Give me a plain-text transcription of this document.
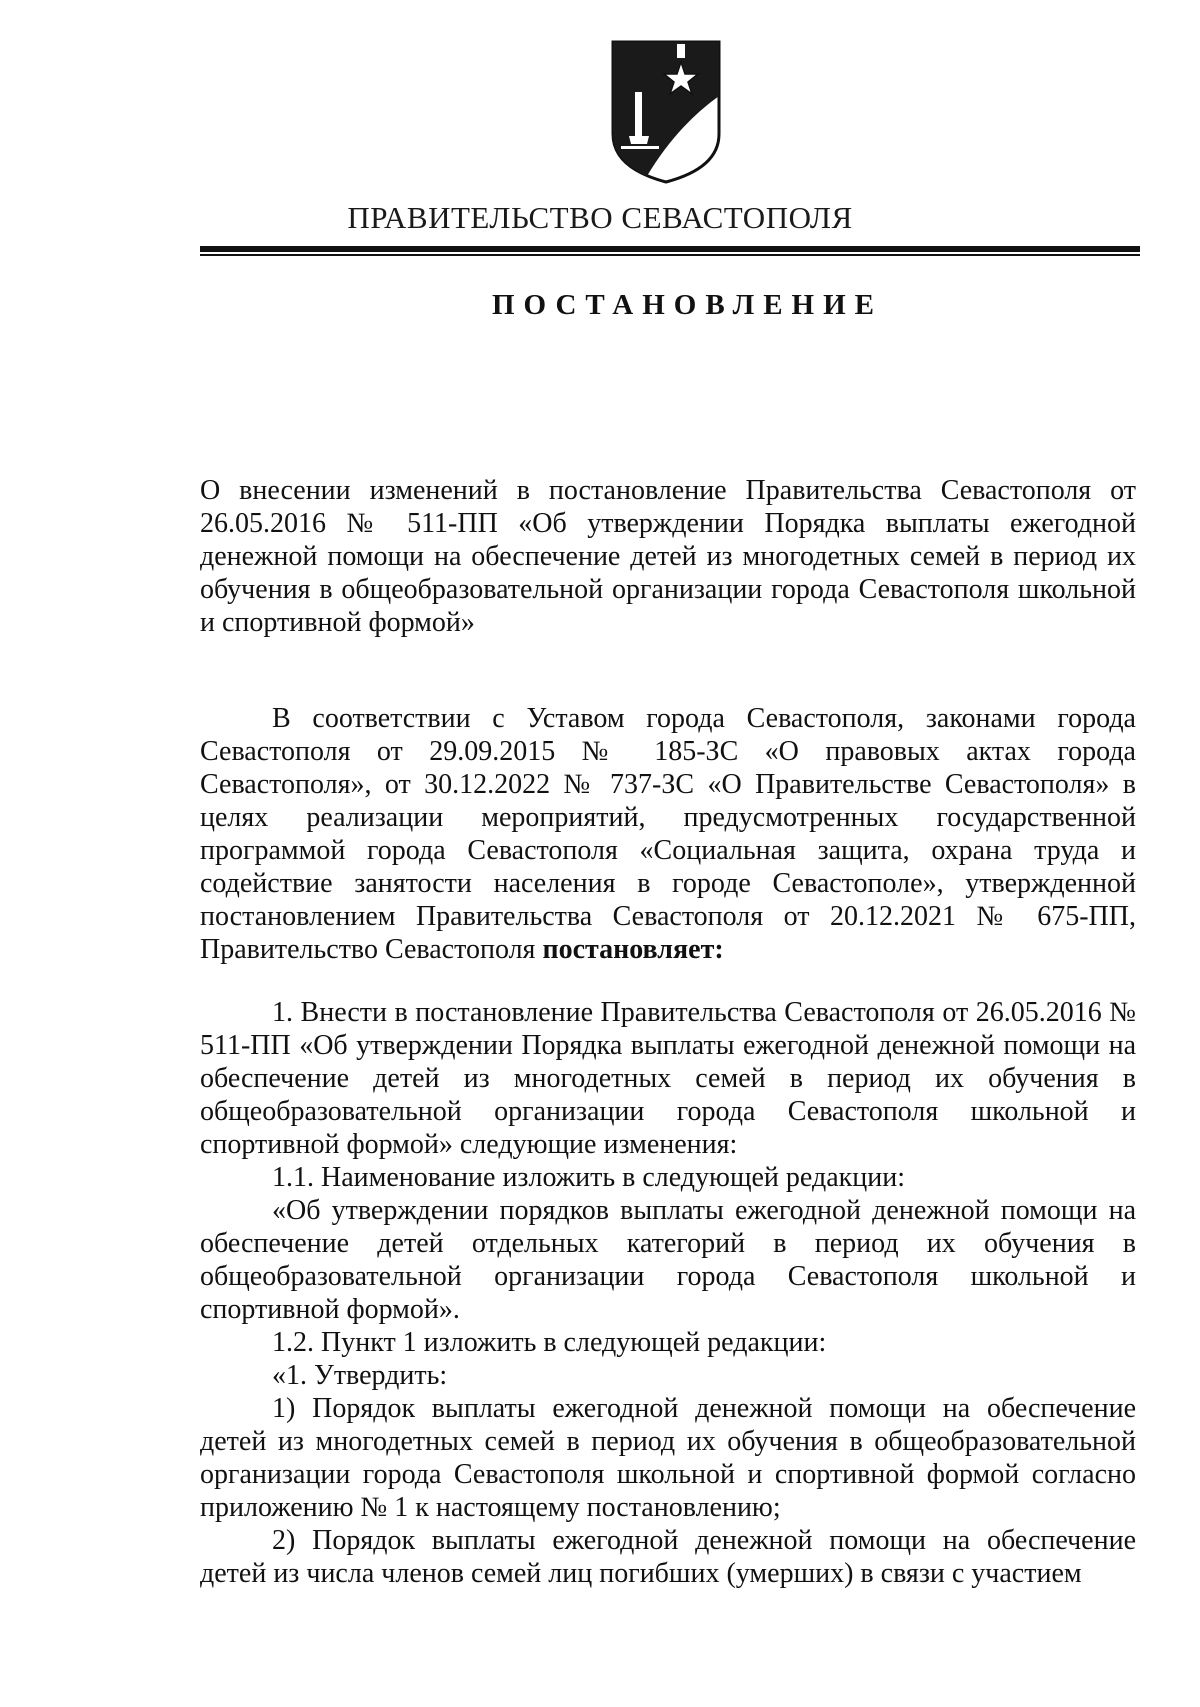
ПРАВИТЕЛЬСТВО СЕВАСТОПОЛЯ
ПОСТАНОВЛЕНИЕ

О внесении изменений в постановление Правительства Севастополя от 26.05.2016 № 511-ПП «Об утверждении Порядка выплаты ежегодной денежной помощи на обеспечение детей из многодетных семей в период их обучения в общеобразовательной организации города Севастополя школьной и спортивной формой»

В соответствии с Уставом города Севастополя, законами города Севастополя от 29.09.2015 № 185-ЗС «О правовых актах города Севастополя», от 30.12.2022 № 737-ЗС «О Правительстве Севастополя» в целях реализации мероприятий, предусмотренных государственной программой города Севастополя «Социальная защита, охрана труда и содействие занятости населения в городе Севастополе», утвержденной постановлением Правительства Севастополя от 20.12.2021 № 675-ПП, Правительство Севастополя постановляет:

1. Внести в постановление Правительства Севастополя от 26.05.2016 № 511-ПП «Об утверждении Порядка выплаты ежегодной денежной помощи на обеспечение детей из многодетных семей в период их обучения в общеобразовательной организации города Севастополя школьной и спортивной формой» следующие изменения:

1.1. Наименование изложить в следующей редакции:

«Об утверждении порядков выплаты ежегодной денежной помощи на обеспечение детей отдельных категорий в период их обучения в общеобразовательной организации города Севастополя школьной и спортивной формой».

1.2. Пункт 1 изложить в следующей редакции:

«1. Утвердить:

1) Порядок выплаты ежегодной денежной помощи на обеспечение детей из многодетных семей в период их обучения в общеобразовательной организации города Севастополя школьной и спортивной формой согласно приложению № 1 к настоящему постановлению;

2) Порядок выплаты ежегодной денежной помощи на обеспечение детей из числа членов семей лиц погибших (умерших) в связи с участием
